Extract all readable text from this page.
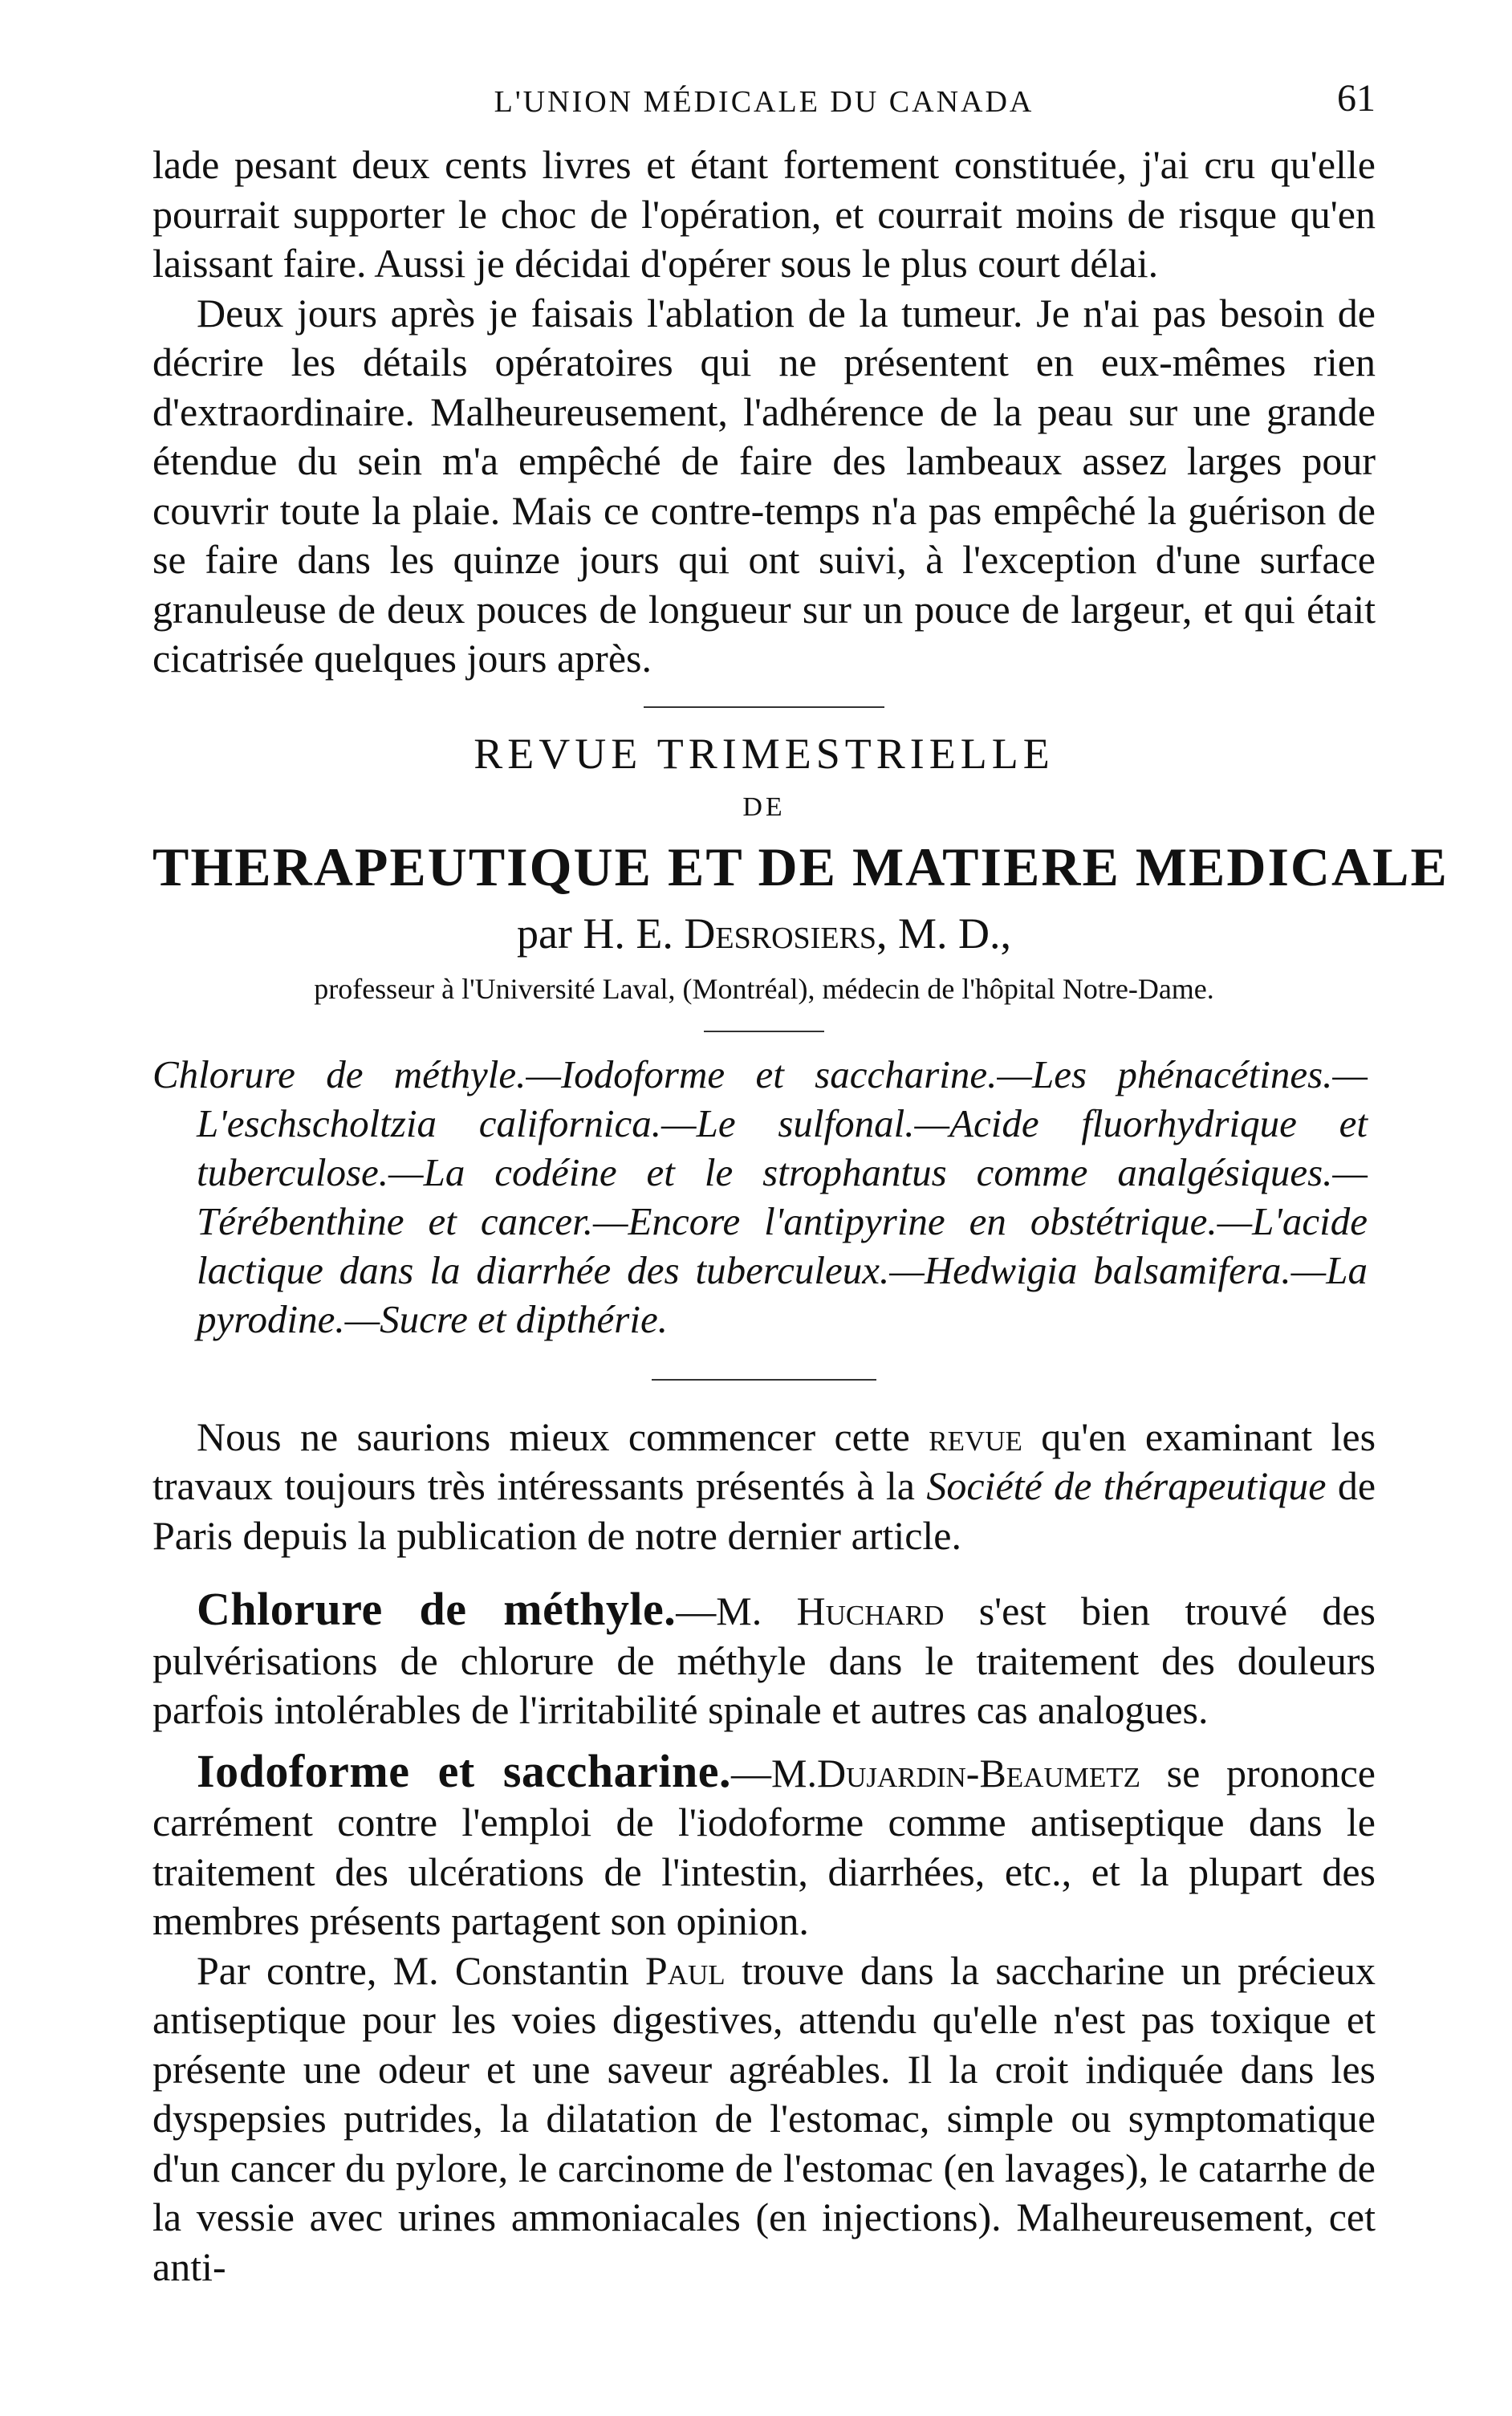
L'UNION MÉDICALE DU CANADA	61

lade pesant deux cents livres et étant fortement constituée, j'ai cru qu'elle pourrait supporter le choc de l'opération, et courrait moins de risque qu'en laissant faire. Aussi je décidai d'opérer sous le plus court délai.

Deux jours après je faisais l'ablation de la tumeur. Je n'ai pas besoin de décrire les détails opératoires qui ne présentent en eux-mêmes rien d'extraordinaire. Malheureusement, l'adhérence de la peau sur une grande étendue du sein m'a empêché de faire des lambeaux assez larges pour couvrir toute la plaie. Mais ce contre-temps n'a pas empêché la guérison de se faire dans les quinze jours qui ont suivi, à l'exception d'une surface granuleuse de deux pouces de longueur sur un pouce de largeur, et qui était cicatrisée quelques jours après.

REVUE TRIMESTRIELLE
DE
THERAPEUTIQUE ET DE MATIERE MEDICALE
par H. E. Desrosiers, M. D.,
professeur à l'Université Laval, (Montréal), médecin de l'hôpital Notre-Dame.
Chlorure de méthyle.—Iodoforme et saccharine.—Les phénacétines.—L'eschscholtzia californica.—Le sulfonal.—Acide fluorhydrique et tuberculose.—La codéine et le strophantus comme analgésiques.—Térébenthine et cancer.—Encore l'antipyrine en obstétrique.—L'acide lactique dans la diarrhée des tuberculeux.—Hedwigia balsamifera.—La pyrodine.—Sucre et dipthérie.

Nous ne saurions mieux commencer cette revue qu'en examinant les travaux toujours très intéressants présentés à la Société de thérapeutique de Paris depuis la publication de notre dernier article.

Chlorure de méthyle.—M. Huchard s'est bien trouvé des pulvérisations de chlorure de méthyle dans le traitement des douleurs parfois intolérables de l'irritabilité spinale et autres cas analogues.

Iodoforme et saccharine.—M.Dujardin-Beaumetz se prononce carrément contre l'emploi de l'iodoforme comme antiseptique dans le traitement des ulcérations de l'intestin, diarrhées, etc., et la plupart des membres présents partagent son opinion.

Par contre, M. Constantin Paul trouve dans la saccharine un précieux antiseptique pour les voies digestives, attendu qu'elle n'est pas toxique et présente une odeur et une saveur agréables. Il la croit indiquée dans les dyspepsies putrides, la dilatation de l'estomac, simple ou symptomatique d'un cancer du pylore, le carcinome de l'estomac (en lavages), le catarrhe de la vessie avec urines ammoniacales (en injections). Malheureusement, cet anti-
